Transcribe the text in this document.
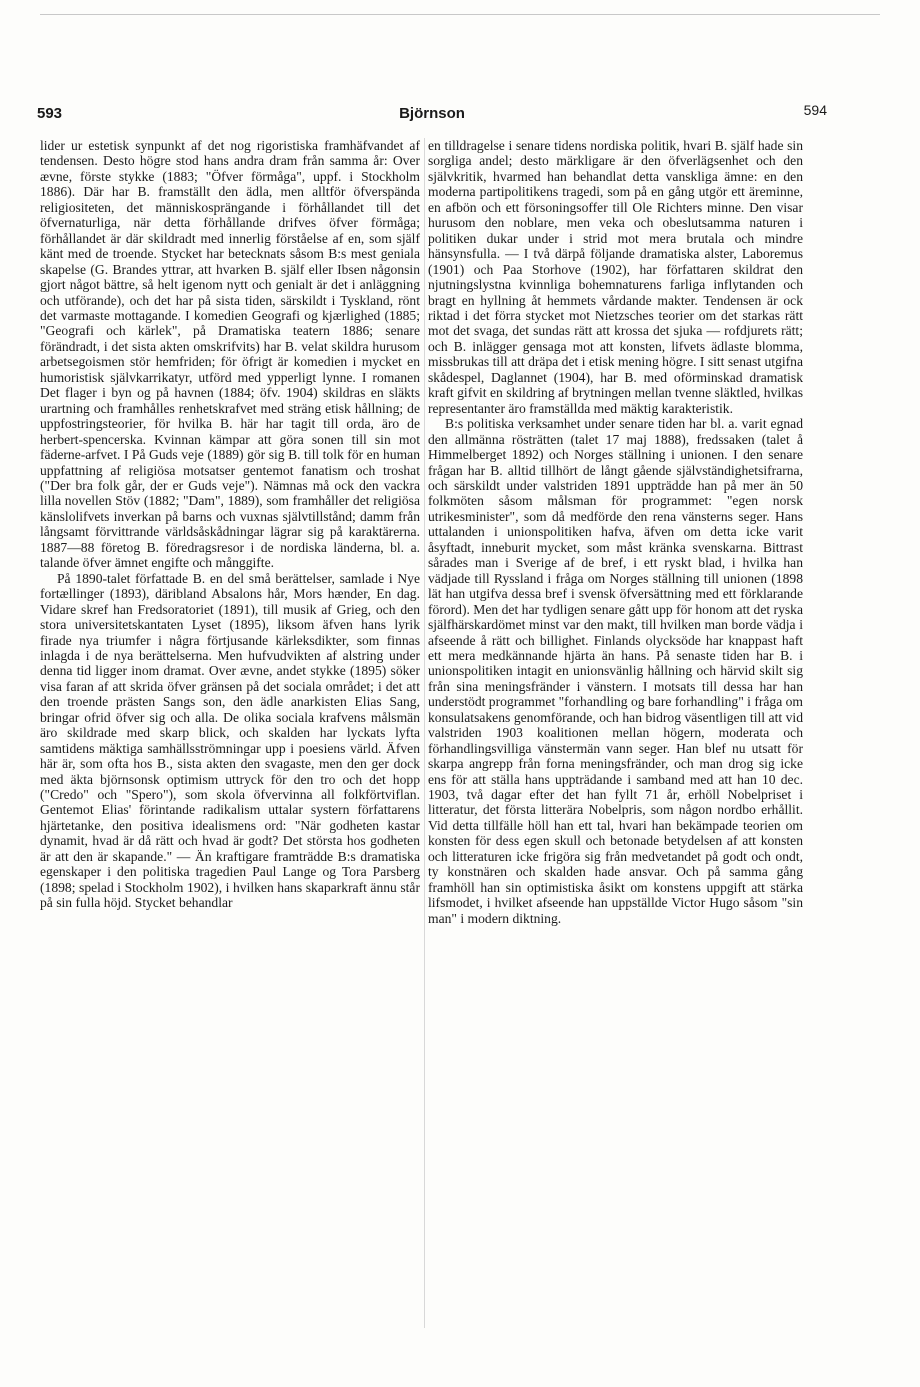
593	Björnson	594

lider ur estetisk synpunkt af det nog rigoristiska framhäfvandet af tendensen. Desto högre stod hans andra dram från samma år: Over ævne, förste stykke (1883; "Öfver förmåga", uppf. i Stockholm 1886). Där har B. framställt den ädla, men alltför öfverspända religiositeten, det människosprängande i förhållandet till det öfvernaturliga, när detta förhållande drifves öfver förmåga; förhållandet är där skildradt med innerlig förståelse af en, som själf känt med de troende. Stycket har betecknats såsom B:s mest geniala skapelse (G. Brandes yttrar, att hvarken B. själf eller Ibsen någonsin gjort något bättre, så helt igenom nytt och genialt är det i anläggning och utförande), och det har på sista tiden, särskildt i Tyskland, rönt det varmaste mottagande. I komedien Geografi og kjærlighed (1885; "Geografi och kärlek", på Dramatiska teatern 1886; senare förändradt, i det sista akten omskrifvits) har B. velat skildra hurusom arbetsegoismen stör hemfriden; för öfrigt är komedien i mycket en humoristisk självkarrikatyr, utförd med ypperligt lynne. I romanen Det flager i byn og på havnen (1884; öfv. 1904) skildras en släkts urartning och framhålles renhetskrafvet med sträng etisk hållning; de uppfostringsteorier, för hvilka B. här har tagit till orda, äro de herbert-spencerska. Kvinnan kämpar att göra sonen till sin mot fäderne-arfvet. I På Guds veje (1889) gör sig B. till tolk för en human uppfattning af religiösa motsatser gentemot fanatism och troshat ("Der bra folk går, der er Guds veje"). Nämnas må ock den vackra lilla novellen Stöv (1882; "Dam", 1889), som framhåller det religiösa känslolifvets inverkan på barns och vuxnas självtillstånd; damm från långsamt förvittrande världsåskådningar lägrar sig på karaktärerna. 1887—88 företog B. föredragsresor i de nordiska länderna, bl. a. talande öfver ämnet engifte och månggifte.

På 1890-talet författade B. en del små berättelser, samlade i Nye fortællinger (1893), däribland Absalons hår, Mors hænder, En dag. Vidare skref han Fredsoratoriet (1891), till musik af Grieg, och den stora universitetskantaten Lyset (1895), liksom äfven hans lyrik firade nya triumfer i några förtjusande kärleksdikter, som finnas inlagda i de nya berättelserna. Men hufvudvikten af alstring under denna tid ligger inom dramat. Over ævne, andet stykke (1895) söker visa faran af att skrida öfver gränsen på det sociala området; i det att den troende prästen Sangs son, den ädle anarkisten Elias Sang, bringar ofrid öfver sig och alla. De olika sociala krafvens målsmän äro skildrade med skarp blick, och skalden har lyckats lyfta samtidens mäktiga samhällsströmningar upp i poesiens värld. Äfven här är, som ofta hos B., sista akten den svagaste, men den ger dock med äkta björnsonsk optimism uttryck för den tro och det hopp ("Credo" och "Spero"), som skola öfvervinna all folkförtviflan. Gentemot Elias' förintande radikalism uttalar systern författarens hjärtetanke, den positiva idealismens ord: "När godheten kastar dynamit, hvad är då rätt och hvad är godt? Det största hos godheten är att den är skapande." — Än kraftigare framträdde B:s dramatiska egenskaper i den politiska tragedien Paul Lange og Tora Parsberg (1898; spelad i Stockholm 1902), i hvilken hans skaparkraft ännu står på sin fulla höjd. Stycket behandlar

en tilldragelse i senare tidens nordiska politik, hvari B. själf hade sin sorgliga andel; desto märkligare är den öfverlägsenhet och den självkritik, hvarmed han behandlat detta vanskliga ämne: en den moderna partipolitikens tragedi, som på en gång utgör ett äreminne, en afbön och ett försoningsoffer till Ole Richters minne. Den visar hurusom den noblare, men veka och obeslutsamma naturen i politiken dukar under i strid mot mera brutala och mindre hänsynsfulla. — I två därpå följande dramatiska alster, Laboremus (1901) och Paa Storhove (1902), har författaren skildrat den njutningslystna kvinnliga bohemnaturens farliga inflytanden och bragt en hyllning åt hemmets vårdande makter. Tendensen är ock riktad i det förra stycket mot Nietzsches teorier om det starkas rätt mot det svaga, det sundas rätt att krossa det sjuka — rofdjurets rätt; och B. inlägger gensaga mot att konsten, lifvets ädlaste blomma, missbrukas till att dräpa det i etisk mening högre. I sitt senast utgifna skådespel, Daglannet (1904), har B. med oförminskad dramatisk kraft gifvit en skildring af brytningen mellan tvenne släktled, hvilkas representanter äro framställda med mäktig karakteristik.

B:s politiska verksamhet under senare tiden har bl. a. varit egnad den allmänna rösträtten (talet 17 maj 1888), fredssaken (talet å Himmelberget 1892) och Norges ställning i unionen. I den senare frågan har B. alltid tillhört de långt gående självständighetsifrarna, och särskildt under valstriden 1891 uppträdde han på mer än 50 folkmöten såsom målsman för programmet: "egen norsk utrikesminister", som då medförde den rena vänsterns seger. Hans uttalanden i unionspolitiken hafva, äfven om detta icke varit åsyftadt, inneburit mycket, som måst kränka svenskarna. Bittrast sårades man i Sverige af de bref, i ett ryskt blad, i hvilka han vädjade till Ryssland i fråga om Norges ställning till unionen (1898 lät han utgifva dessa bref i svensk öfversättning med ett förklarande förord). Men det har tydligen senare gått upp för honom att det ryska själfhärskardömet minst var den makt, till hvilken man borde vädja i afseende å rätt och billighet. Finlands olycksöde har knappast haft ett mera medkännande hjärta än hans. På senaste tiden har B. i unionspolitiken intagit en unionsvänlig hållning och härvid skilt sig från sina meningsfränder i vänstern. I motsats till dessa har han understödt programmet "forhandling og bare forhandling" i fråga om konsulatsakens genomförande, och han bidrog väsentligen till att vid valstriden 1903 koalitionen mellan högern, moderata och förhandlingsvilliga vänstermän vann seger. Han blef nu utsatt för skarpa angrepp från forna meningsfränder, och man drog sig icke ens för att ställa hans uppträdande i samband med att han 10 dec. 1903, två dagar efter det han fyllt 71 år, erhöll Nobelpriset i litteratur, det första litterära Nobelpris, som någon nordbo erhållit. Vid detta tillfälle höll han ett tal, hvari han bekämpade teorien om konsten för dess egen skull och betonade betydelsen af att konsten och litteraturen icke frigöra sig från medvetandet på godt och ondt, ty konstnären och skalden hade ansvar. Och på samma gång framhöll han sin optimistiska åsikt om konstens uppgift att stärka lifsmodet, i hvilket afseende han uppställde Victor Hugo såsom "sin man" i modern diktning.
